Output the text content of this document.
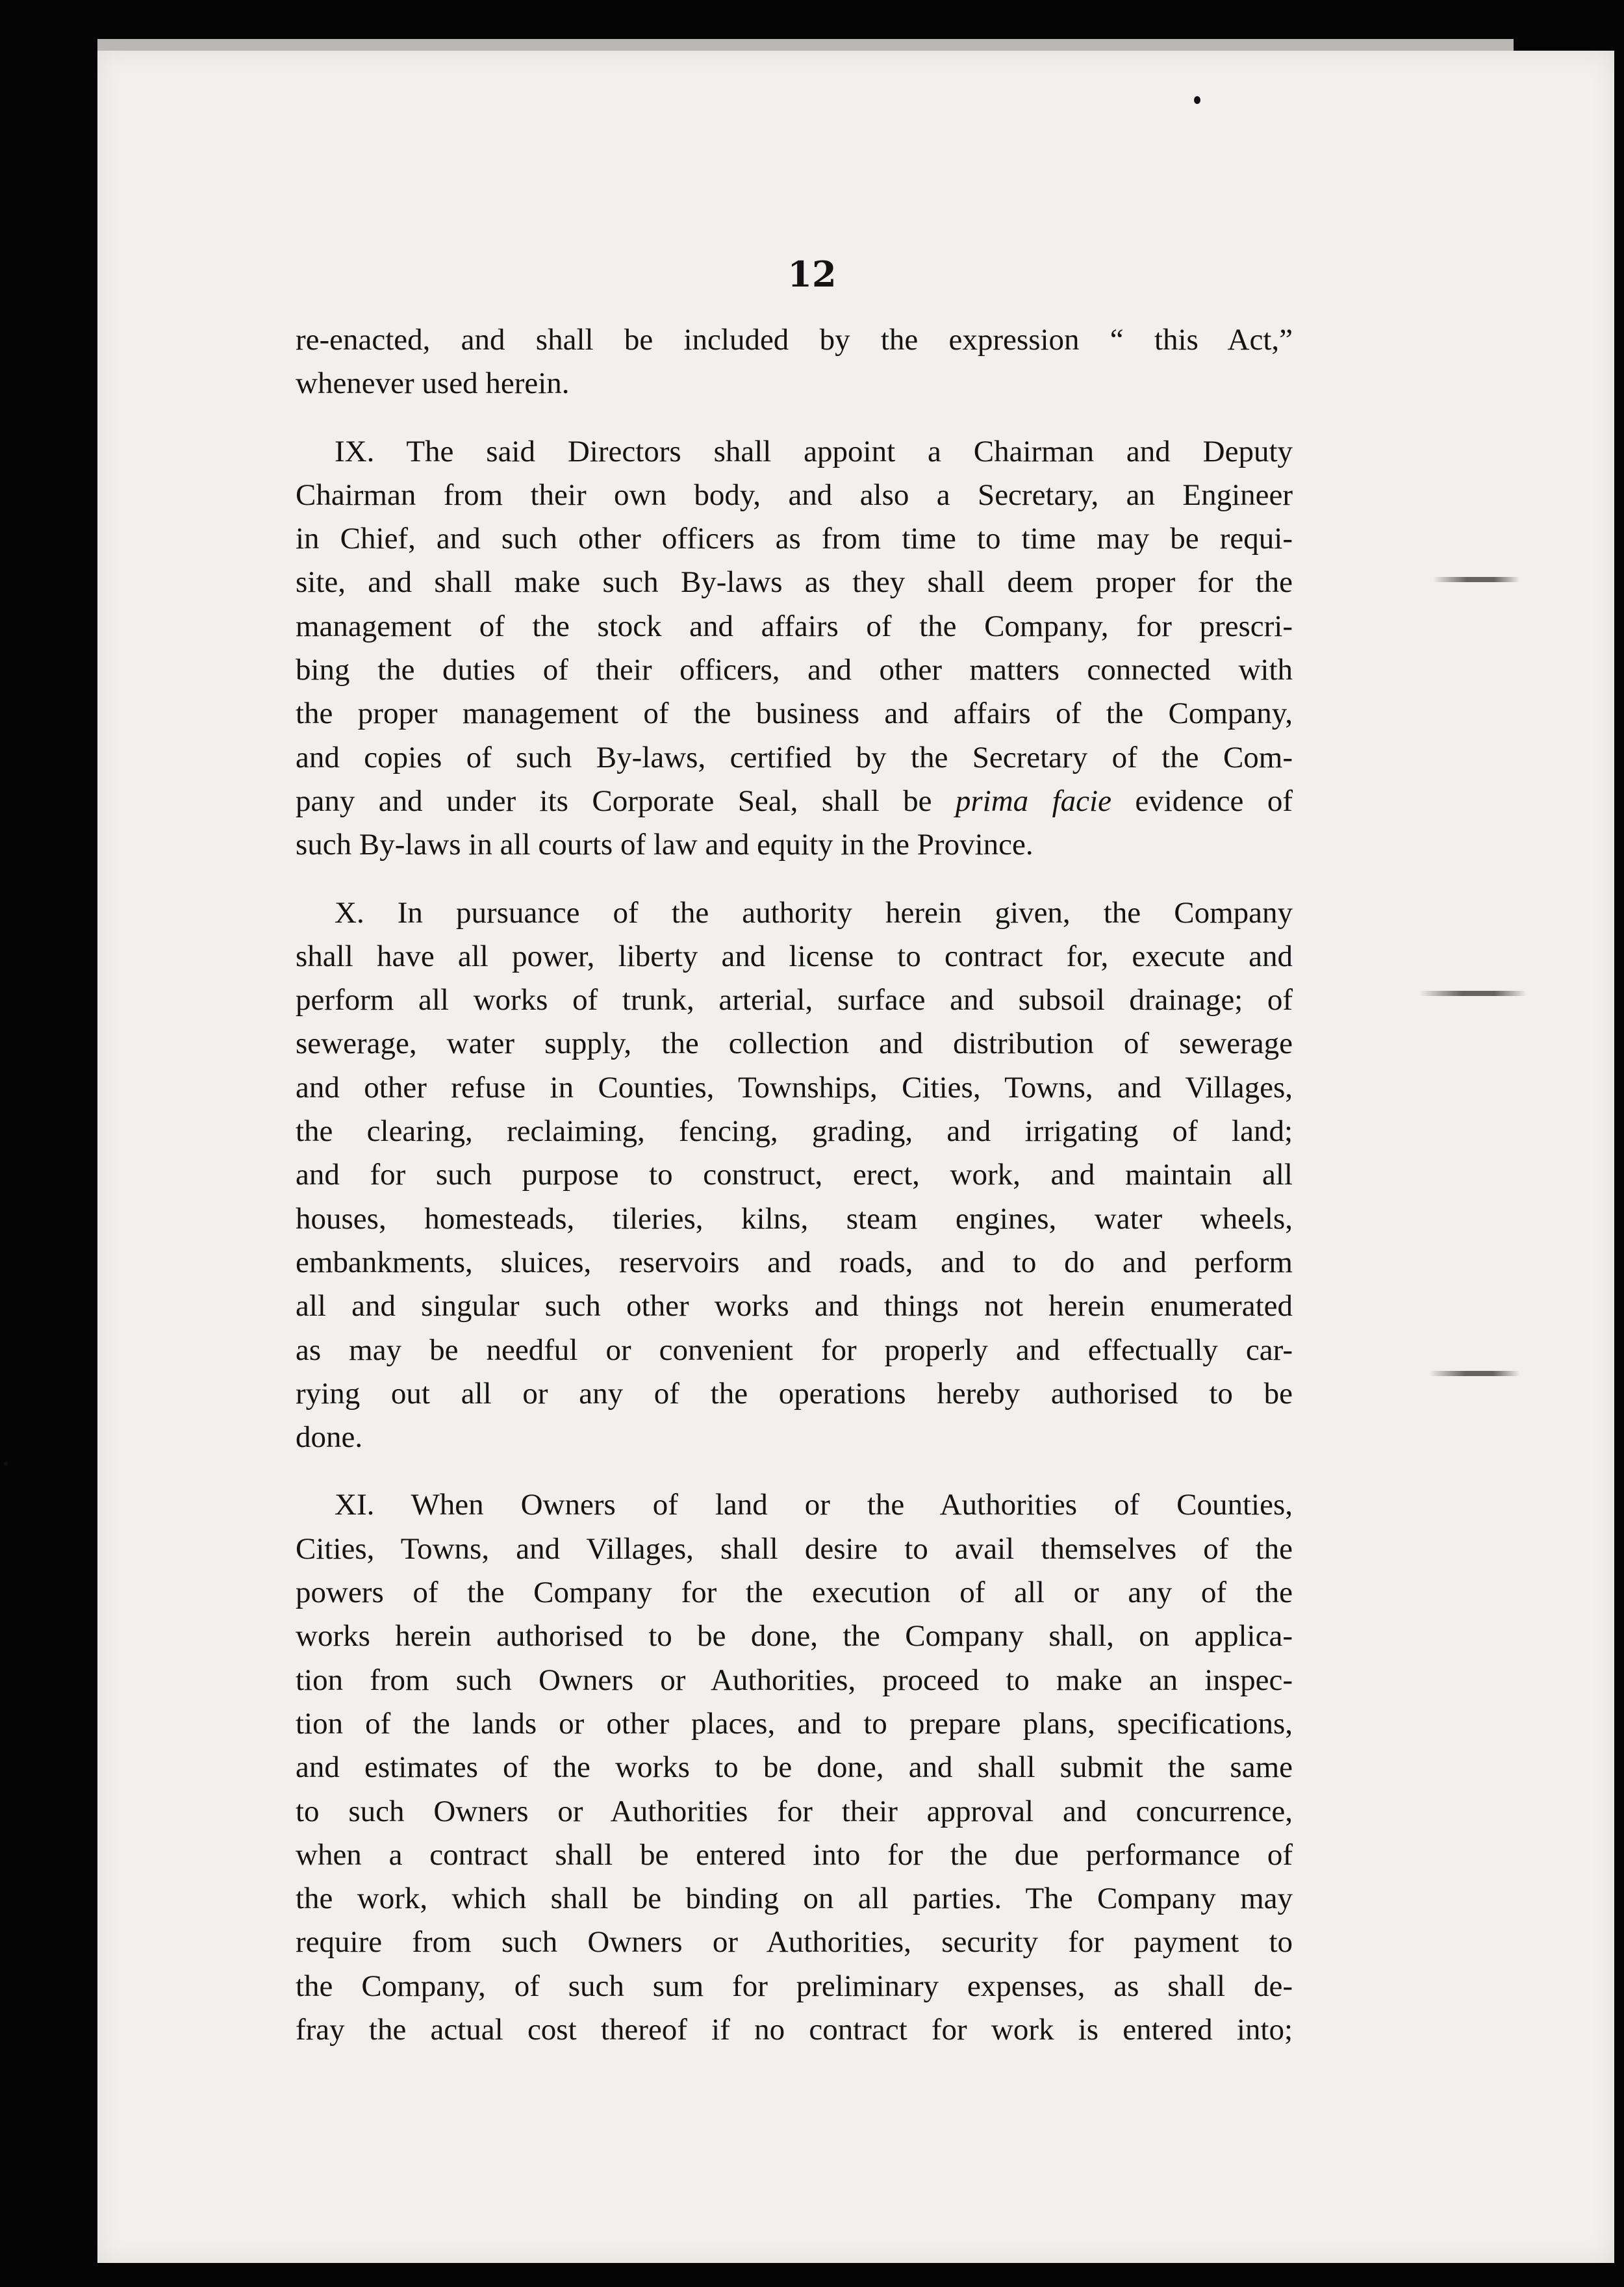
12
re-enacted, and shall be included by the expression “ this Act,”
whenever used herein.
IX. The said Directors shall appoint a Chairman and Deputy
Chairman from their own body, and also a Secretary, an Engineer
in Chief, and such other officers as from time to time may be requi-
site, and shall make such By-laws as they shall deem proper for the
management of the stock and affairs of the Company, for prescri-
bing the duties of their officers, and other matters connected with
the proper management of the business and affairs of the Company,
and copies of such By-laws, certified by the Secretary of the Com-
pany and under its Corporate Seal, shall be prima facie evidence of
such By-laws in all courts of law and equity in the Province.
X. In pursuance of the authority herein given, the Company
shall have all power, liberty and license to contract for, execute and
perform all works of trunk, arterial, surface and subsoil drainage; of
sewerage, water supply, the collection and distribution of sewerage
and other refuse in Counties, Townships, Cities, Towns, and Villages,
the clearing, reclaiming, fencing, grading, and irrigating of land;
and for such purpose to construct, erect, work, and maintain all
houses, homesteads, tileries, kilns, steam engines, water wheels,
embankments, sluices, reservoirs and roads, and to do and perform
all and singular such other works and things not herein enumerated
as may be needful or convenient for properly and effectually car-
rying out all or any of the operations hereby authorised to be
done.
XI. When Owners of land or the Authorities of Counties,
Cities, Towns, and Villages, shall desire to avail themselves of the
powers of the Company for the execution of all or any of the
works herein authorised to be done, the Company shall, on applica-
tion from such Owners or Authorities, proceed to make an inspec-
tion of the lands or other places, and to prepare plans, specifications,
and estimates of the works to be done, and shall submit the same
to such Owners or Authorities for their approval and concurrence,
when a contract shall be entered into for the due performance of
the work, which shall be binding on all parties. The Company may
require from such Owners or Authorities, security for payment to
the Company, of such sum for preliminary expenses, as shall de-
fray the actual cost thereof if no contract for work is entered into;
